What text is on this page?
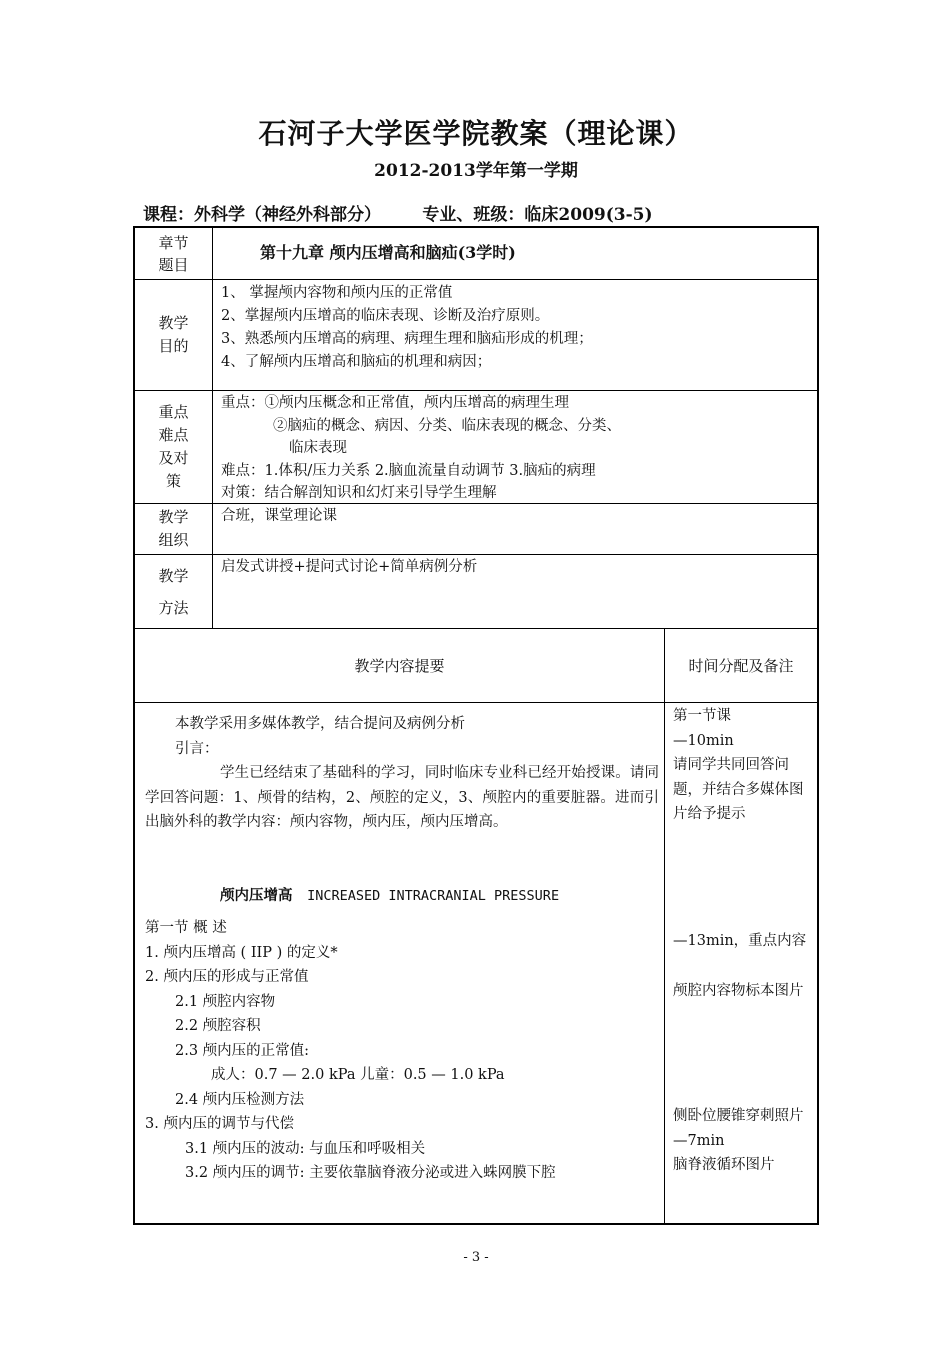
石河子大学医学院教案（理论课）
2012-2013学年第一学期
课程：外科学（神经外科部分）       专业、班级：临床2009(3-5)
章节题目
第十九章 颅内压增高和脑疝(3学时)
教学目的
1、 掌握颅内容物和颅内压的正常值
2、掌握颅内压增高的临床表现、诊断及治疗原则。
3、熟悉颅内压增高的病理、病理生理和脑疝形成的机理；
4、了解颅内压增高和脑疝的机理和病因；
重点难点及对策
重点：①颅内压概念和正常值，颅内压增高的病理生理
②脑疝的概念、病因、分类、临床表现的概念、分类、
临床表现
难点：1.体积/压力关系 2.脑血流量自动调节 3.脑疝的病理
对策：结合解剖知识和幻灯来引导学生理解
教学组织
合班，课堂理论课
教学方法
启发式讲授+提问式讨论+简单病例分析
教学内容提要	时间分配及备注

本教学采用多媒体教学，结合提问及病例分析

引言：

学生已经结束了基础科的学习，同时临床专业科已经开始授课。请同学回答问题：1、颅骨的结构，2、颅腔的定义，3、颅腔内的重要脏器。进而引出脑外科的教学内容：颅内容物，颅内压，颅内压增高。

颅内压增高 INCREASED INTRACRANIAL PRESSURE

第一节 概 述

1. 颅内压增高 ( IIP ) 的定义*

2. 颅内压的形成与正常值

2.1 颅腔内容物

2.2 颅腔容积

2.3 颅内压的正常值:

成人：0.7 — 2.0 kPa 儿童：0.5 — 1.0 kPa

2.4 颅内压检测方法

3. 颅内压的调节与代偿

3.1 颅内压的波动: 与血压和呼吸相关

3.2 颅内压的调节: 主要依靠脑脊液分泌或进入蛛网膜下腔

第一节课
—10min
请同学共同回答问题，并结合多媒体图片给予提示
—13min，重点内容
颅腔内容物标本图片
侧卧位腰锥穿刺照片
—7min
脑脊液循环图片
- 3 -
